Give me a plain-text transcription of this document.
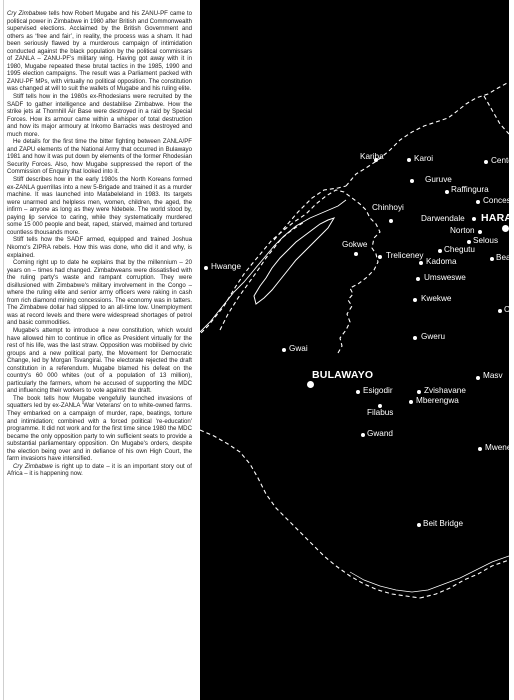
Cry Zimbabwe tells how Robert Mugabe and his ZANU-PF came to political power in Zimbabwe in 1980 after British and Commonwealth supervised elections. Acclaimed by the British Government and others as ‘free and fair’, in reality, the process was a sham. It had been seriously flawed by a murderous campaign of intimidation conducted against the black population by the political commissars of ZANLA – ZANU-PF's military wing. Having got away with it in 1980, Mugabe repeated these brutal tactics in the 1985, 1990 and 1995 election campaigns. The result was a Parliament packed with ZANU-PF MPs, with virtually no political opposition. The constitution was changed at will to suit the wallets of Mugabe and his ruling elite.

Stiff tells how in the 1980s ex-Rhodesians were recruited by the SADF to gather intelligence and destabilise Zimbabwe. How the strike jets at Thornhill Air Base were destroyed in a raid by Special Forces. How its armour came within a whisper of total destruction and how its major armoury at Inkomo Barracks was destroyed and much more.

He details for the first time the bitter fighting between ZANLA/PF and ZAPU elements of the National Army that occurred in Bulawayo 1981 and how it was put down by elements of the former Rhodesian Security Forces. Also, how Mugabe suppressed the report of the Commission of Enquiry that looked into it.

Stiff describes how in the early 1980s the North Koreans formed ex-ZANLA guerrillas into a new 5-Brigade and trained it as a murder machine. It was launched into Matabeleland in 1983. Its targets were unarmed and helpless men, women, children, the aged, the infirm – anyone as long as they were Ndebele. The world stood by, paying lip service to caring, while they systematically murdered some 15 000 people and beat, raped, starved, maimed and tortured countless thousands more.

Stiff tells how the SADF armed, equipped and trained Joshua Nkomo's ZIPRA rebels. How this was done, who did it and why, is explained.

Coming right up to date he explains that by the millennium – 20 years on – times had changed. Zimbabweans were dissatisfied with the ruling party's waste and rampant corruption. They were disillusioned with Zimbabwe's military involvement in the Congo – where the ruling elite and senior army officers were raking in cash from rich diamond mining concessions. The economy was in tatters. The Zimbabwe dollar had slipped to an all-time low. Unemployment was at record levels and there were widespread shortages of petrol and basic commodities.

Mugabe's attempt to introduce a new constitution, which would have allowed him to continue in office as President virtually for the rest of his life, was the last straw. Opposition was mobilised by civic groups and a new political party, the Movement for Democratic Change, led by Morgan Tsvangirai. The electorate rejected the draft constitution in a referendum. Mugabe blamed his defeat on the country's 60 000 whites (out of a population of 13 million), particularly the farmers, whom he accused of supporting the MDC and influencing their workers to vote against the draft.

The book tells how Mugabe vengefully launched invasions of squatters led by ex-ZANLA 'War Veterans' on to white-owned farms. They embarked on a campaign of murder, rape, beatings, torture and intimidation; combined with a forced political 're-education' programme. It did not work and for the first time since 1980 the MDC became the only opposition party to win sufficient seats to provide a substantial parliamentary opposition. On Mugabe's orders, despite the election being over and in defiance of his own High Court, the farm invasions have intensified.

Cry Zimbabwe is right up to date – it is an important story out of Africa – it is happening now.

Kariba	Karoi	Cente
Guruve
Raffingura
Conces
Chinhoyi
Darwendale HARA
Norton
Selous
Gokwe
Treliceney
Chegutu
Kadoma	Bea
Hwange
Umsweswe
Kwekwe
Ch
Gweru
Gwai
Masv
BULAWAYO
Esigodir	Zvishavane
Mberengwa
Filabus
Gwand
Mwene
Beit Bridge
